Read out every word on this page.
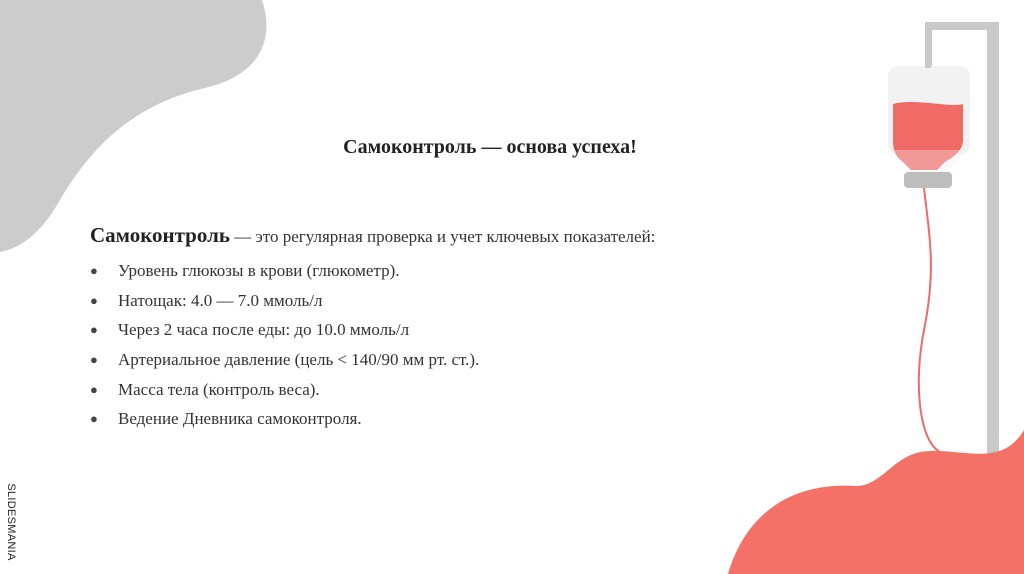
Самоконтроль — основа успеха!

Самоконтроль — это регулярная проверка и учет ключевых показателей:

● Уровень глюкозы в крови (глюкометр).
● Натощак: 4.0 — 7.0 ммоль/л
● Через 2 часа после еды: до 10.0 ммоль/л
● Артериальное давление (цель < 140/90 мм рт. ст.).
● Масса тела (контроль веса).
● Ведение Дневника самоконтроля.
SLIDESMANIA
